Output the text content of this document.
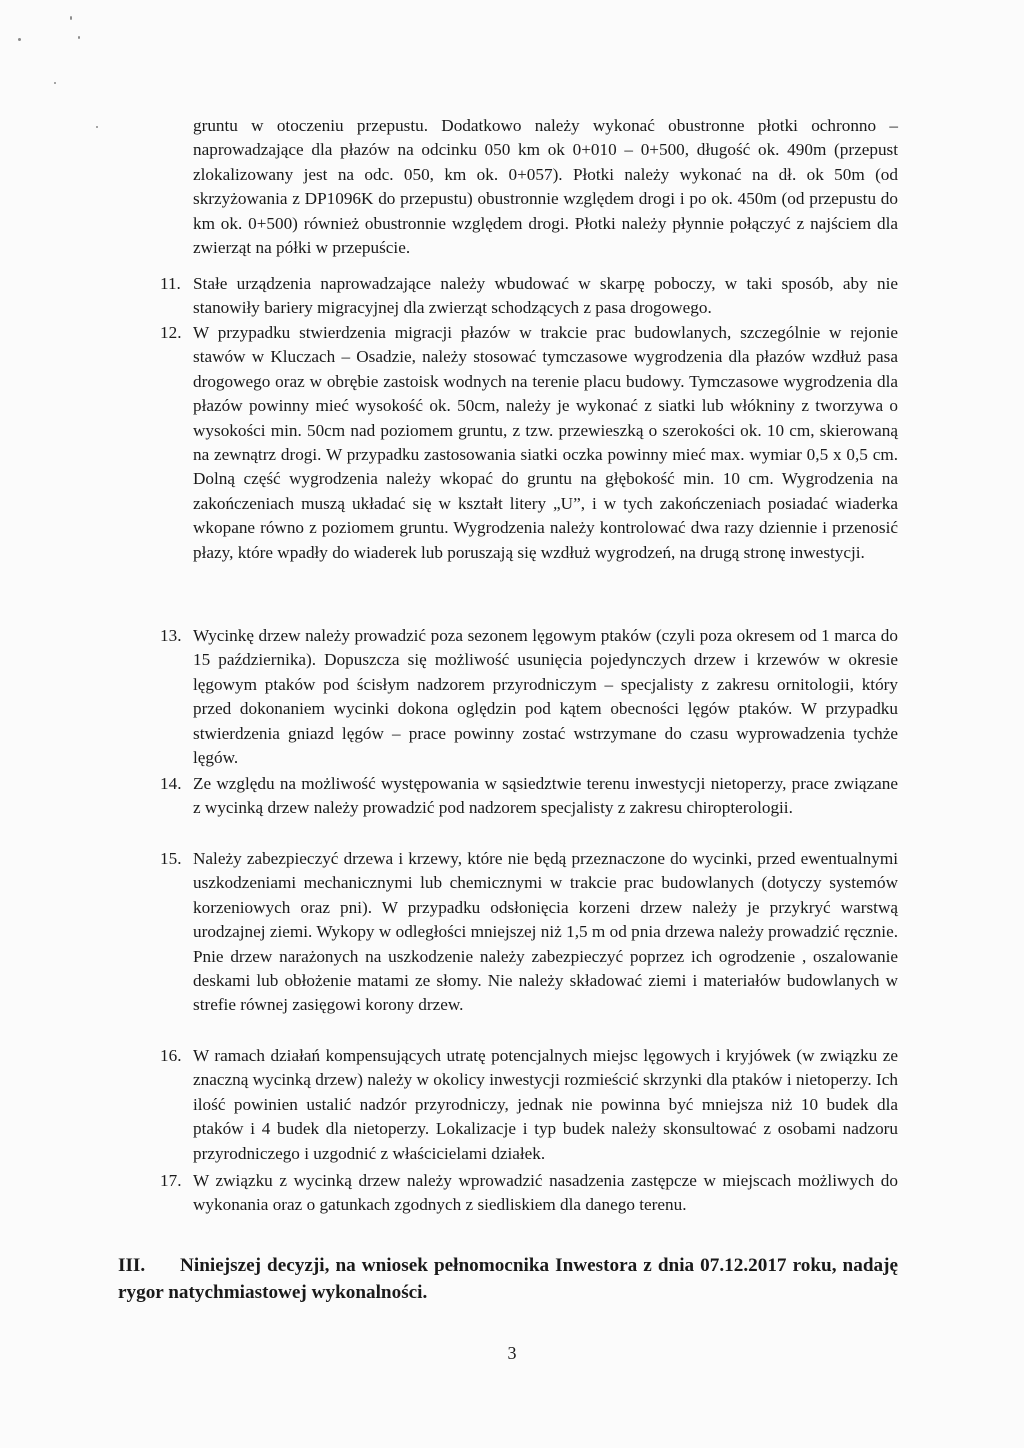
gruntu w otoczeniu przepustu. Dodatkowo należy wykonać obustronne płotki ochronno – naprowadzające dla płazów na odcinku 050 km ok 0+010 – 0+500, długość ok. 490m (przepust zlokalizowany jest na odc. 050, km ok. 0+057). Płotki należy wykonać na dł. ok 50m (od skrzyżowania z DP1096K do przepustu) obustronnie względem drogi i po ok. 450m (od przepustu do km ok. 0+500) również obustronnie względem drogi. Płotki należy płynnie połączyć z najściem dla zwierząt na półki w przepuście.

11. Stałe urządzenia naprowadzające należy wbudować w skarpę poboczy, w taki sposób, aby nie stanowiły bariery migracyjnej dla zwierząt schodzących z pasa drogowego.
12. W przypadku stwierdzenia migracji płazów w trakcie prac budowlanych, szczególnie w rejonie stawów w Kluczach – Osadzie, należy stosować tymczasowe wygrodzenia dla płazów wzdłuż pasa drogowego oraz w obrębie zastoisk wodnych na terenie placu budowy. Tymczasowe wygrodzenia dla płazów powinny mieć wysokość ok. 50cm, należy je wykonać z siatki lub włókniny z tworzywa o wysokości min. 50cm nad poziomem gruntu, z tzw. przewieszką o szerokości ok. 10 cm, skierowaną na zewnątrz drogi. W przypadku zastosowania siatki oczka powinny mieć max. wymiar 0,5 x 0,5 cm. Dolną część wygrodzenia należy wkopać do gruntu na głębokość min. 10 cm. Wygrodzenia na zakończeniach muszą układać się w kształt litery „U”, i w tych zakończeniach posiadać wiaderka wkopane równo z poziomem gruntu. Wygrodzenia należy kontrolować dwa razy dziennie i przenosić płazy, które wpadły do wiaderek lub poruszają się wzdłuż wygrodzeń, na drugą stronę inwestycji.
13. Wycinkę drzew należy prowadzić poza sezonem lęgowym ptaków (czyli poza okresem od 1 marca do 15 października). Dopuszcza się możliwość usunięcia pojedynczych drzew i krzewów w okresie lęgowym ptaków pod ścisłym nadzorem przyrodniczym – specjalisty z zakresu ornitologii, który przed dokonaniem wycinki dokona oględzin pod kątem obecności lęgów ptaków. W przypadku stwierdzenia gniazd lęgów – prace powinny zostać wstrzymane do czasu wyprowadzenia tychże lęgów.
14. Ze względu na możliwość występowania w sąsiedztwie terenu inwestycji nietoperzy, prace związane z wycinką drzew należy prowadzić pod nadzorem specjalisty z zakresu chiropterologii.
15. Należy zabezpieczyć drzewa i krzewy, które nie będą przeznaczone do wycinki, przed ewentualnymi uszkodzeniami mechanicznymi lub chemicznymi w trakcie prac budowlanych (dotyczy systemów korzeniowych oraz pni). W przypadku odsłonięcia korzeni drzew należy je przykryć warstwą urodzajnej ziemi. Wykopy w odległości mniejszej niż 1,5 m od pnia drzewa należy prowadzić ręcznie. Pnie drzew narażonych na uszkodzenie należy zabezpieczyć poprzez ich ogrodzenie , oszalowanie deskami lub obłożenie matami ze słomy. Nie należy składować ziemi i materiałów budowlanych w strefie równej zasięgowi korony drzew.
16. W ramach działań kompensujących utratę potencjalnych miejsc lęgowych i kryjówek (w związku ze znaczną wycinką drzew) należy w okolicy inwestycji rozmieścić skrzynki dla ptaków i nietoperzy. Ich ilość powinien ustalić nadzór przyrodniczy, jednak nie powinna być mniejsza niż 10 budek dla ptaków i 4 budek dla nietoperzy. Lokalizacje i typ budek należy skonsultować z osobami nadzoru przyrodniczego i uzgodnić z właścicielami działek.
17. W związku z wycinką drzew należy wprowadzić nasadzenia zastępcze w miejscach możliwych do wykonania oraz o gatunkach zgodnych z siedliskiem dla danego terenu.
III. Niniejszej decyzji, na wniosek pełnomocnika Inwestora z dnia 07.12.2017 roku, nadaję rygor natychmiastowej wykonalności.
3
